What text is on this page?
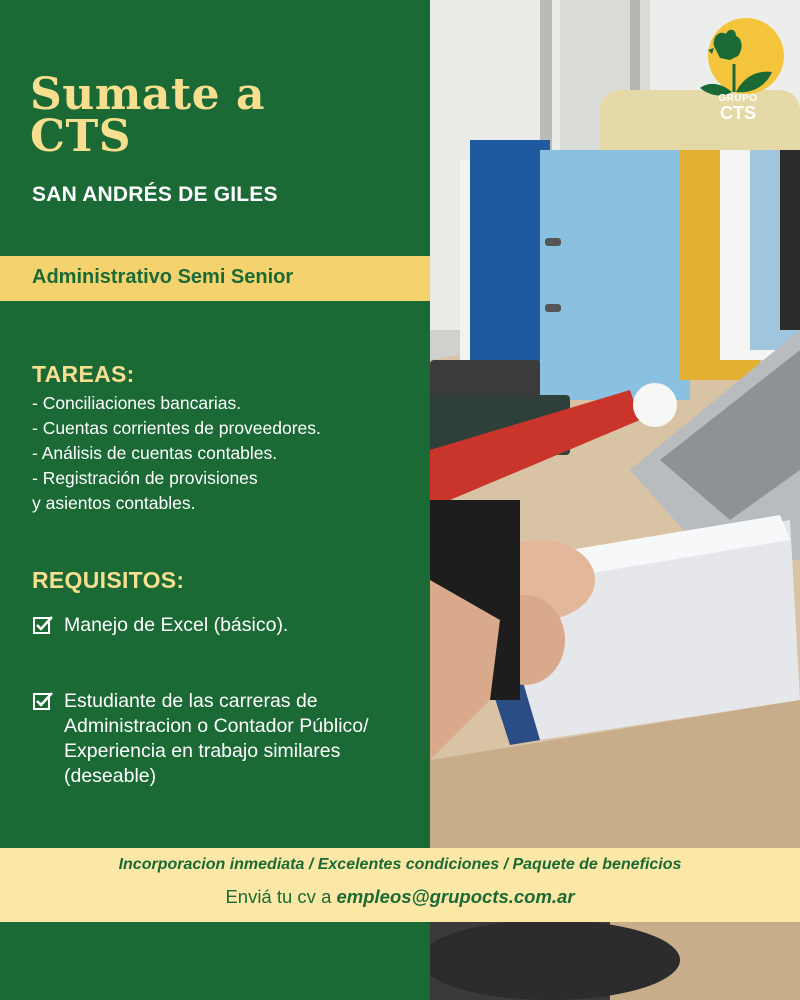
Sumate a
CTS
SAN ANDRÉS DE GILES
Administrativo Semi Senior
TAREAS:
- Conciliaciones bancarias.
- Cuentas corrientes de proveedores.
- Análisis de cuentas contables.
- Registración de provisiones
y asientos contables.
REQUISITOS:
Manejo de Excel (básico).
Estudiante de las carreras de
Administracion o Contador Público/
Experiencia en trabajo similares
(deseable)
Incorporacion inmediata / Excelentes condiciones / Paquete de beneficios
Enviá tu cv a empleos@grupocts.com.ar
GRUPO
CTS
